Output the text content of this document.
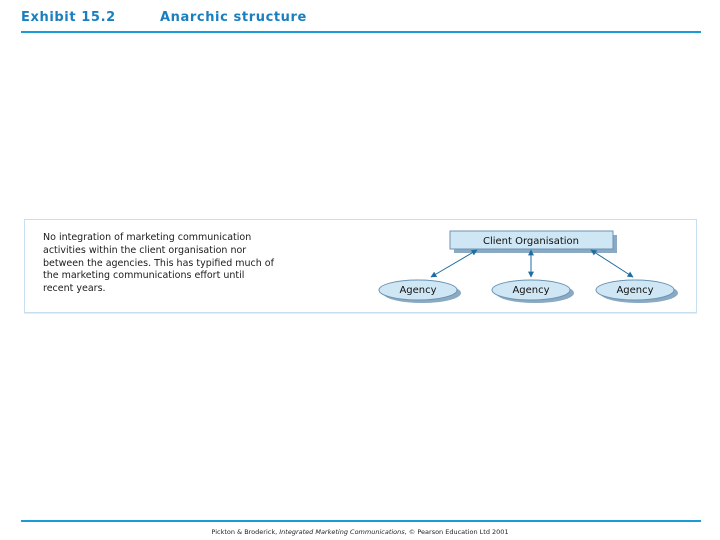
Exhibit 15.2	Anarchic structure
No integration of marketing communication
activities within the client organisation nor
between the agencies. This has typified much of
the marketing communications effort until
recent years.
Client Organisation
Agency	Agency	Agency
Pickton & Broderick, Integrated Marketing Communications, © Pearson Education Ltd 2001
